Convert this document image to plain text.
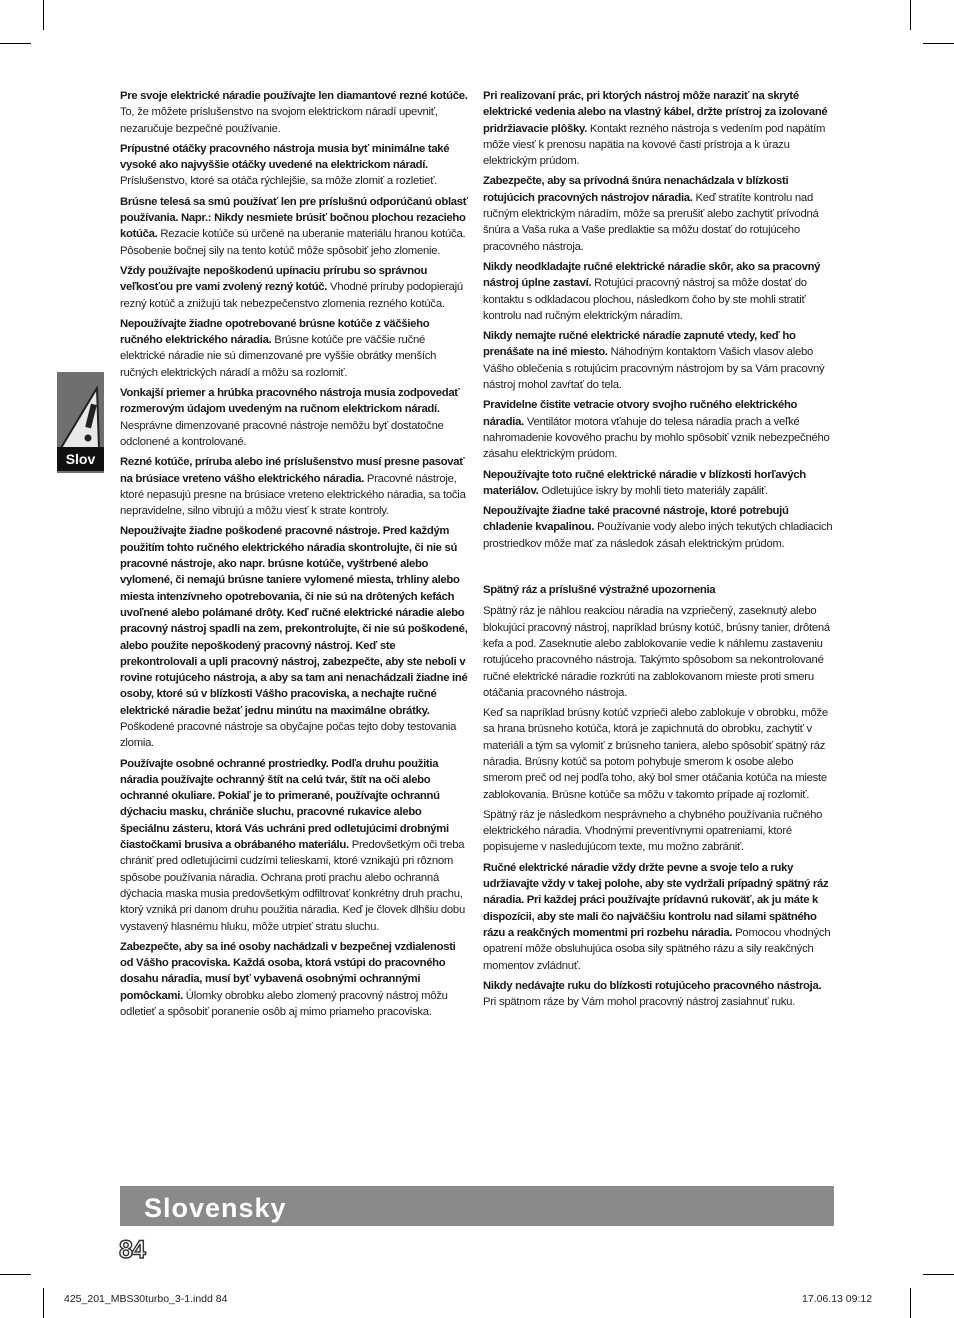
Slov

Pre svoje elektrické náradie používajte len diamantové rezné kotúče. To, že môžete príslušenstvo na svojom elektrickom náradí upevniť, nezaručuje bezpečné používanie.

Prípustné otáčky pracovného nástroja musia byť minimálne také vysoké ako najvyššie otáčky uvedené na elektrickom náradí. Príslušenstvo, ktoré sa otáča rýchlejšie, sa môže zlomiť a rozletieť.

Brúsne telesá sa smú používať len pre príslušnú odporúčanú oblasť používania. Napr.: Nikdy nesmiete brúsiť bočnou plochou rezacieho kotúča. Rezacie kotúče sú určené na uberanie materiálu hranou kotúča. Pôsobenie bočnej sily na tento kotúč môže spôsobiť jeho zlomenie.

Vždy používajte nepoškodenú upínaciu prírubu so správnou veľkosťou pre vami zvolený rezný kotúč. Vhodné príruby podopierajú rezný kotúč a znižujú tak nebezpečenstvo zlomenia rezného kotúča.

Nepoužívajte žiadne opotrebované brúsne kotúče z väčšieho ručného elektrického náradia. Brúsne kotúče pre väčšie ručné elektrické náradie nie sú dimenzované pre vyššie obrátky menších ručných elektrických náradí a môžu sa rozlomiť.

Vonkajší priemer a hrúbka pracovného nástroja musia zodpovedať rozmerovým údajom uvedeným na ručnom elektrickom náradí. Nesprávne dimenzované pracovné nástroje nemôžu byť dostatočne odclonené a kontrolované.

Rezné kotúče, príruba alebo iné príslušenstvo musí presne pasovať na brúsiace vreteno vášho elektrického náradia. Pracovné nástroje, ktoré nepasujú presne na brúsiace vreteno elektrického náradia, sa točia nepravidelne, silno vibrujú a môžu viesť k strate kontroly.

Nepoužívajte žiadne poškodené pracovné nástroje. Pred každým použitím tohto ručného elektrického náradia skontrolujte, či nie sú pracovné nástroje, ako napr. brúsne kotúče, vyštrbené alebo vylomené, či nemajú brúsne taniere vylomené miesta, trhliny alebo miesta intenzívneho opotrebovania, či nie sú na drôtených kefách uvoľnené alebo polámané drôty. Keď ručné elektrické náradie alebo pracovný nástroj spadli na zem, prekontrolujte, či nie sú poškodené, alebo použite nepoškodený pracovný nástroj. Keď ste prekontrolovali a upli pracovný nástroj, zabezpečte, aby ste neboli v rovine rotujúceho nástroja, a aby sa tam ani nenachádzali žiadne iné osoby, ktoré sú v blízkosti Vášho pracoviska, a nechajte ručné elektrické náradie bežať jednu minútu na maximálne obrátky. Poškodené pracovné nástroje sa obyčajne počas tejto doby testovania zlomia.

Používajte osobné ochranné prostriedky. Podľa druhu použitia náradia používajte ochranný štít na celú tvár, štít na oči alebo ochranné okuliare. Pokiaľ je to primerané, používajte ochrannú dýchaciu masku, chrániče sluchu, pracovné rukavice alebo špeciálnu zásteru, ktorá Vás uchráni pred odletujúcimi drobnými čiastočkami brusiva a obrábaného materiálu. Predovšetkým oči treba chrániť pred odletujúcimi cudzími telieskami, ktoré vznikajú pri rôznom spôsobe používania náradia. Ochrana proti prachu alebo ochranná dýchacia maska musia predovšetkým odfiltrovať konkrétny druh prachu, ktorý vzniká pri danom druhu použitia náradia. Keď je človek dlhšiu dobu vystavený hlasnému hluku, môže utrpieť stratu sluchu.

Zabezpečte, aby sa iné osoby nachádzali v bezpečnej vzdialenosti od Vášho pracoviska. Každá osoba, ktorá vstúpi do pracovného dosahu náradia, musí byť vybavená osobnými ochrannými pomôckami. Úlomky obrobku alebo zlomený pracovný nástroj môžu odletieť a spôsobiť poranenie osôb aj mimo priameho pracoviska.

Pri realizovaní prác, pri ktorých nástroj môže naraziť na skryté elektrické vedenia alebo na vlastný kábel, držte prístroj za izolované pridržiavacie plôšky. Kontakt rezného nástroja s vedením pod napätím môže viesť k prenosu napätia na kovové časti prístroja a k úrazu elektrickým prúdom.

Zabezpečte, aby sa prívodná šnúra nenachádzala v blízkosti rotujúcich pracovných nástrojov náradia. Keď stratíte kontrolu nad ručným elektrickým náradím, môže sa prerušiť alebo zachytiť prívodná šnúra a Vaša ruka a Vaše predlaktie sa môžu dostať do rotujúceho pracovného nástroja.

Nikdy neodkladajte ručné elektrické náradie skôr, ako sa pracovný nástroj úplne zastaví. Rotujúci pracovný nástroj sa môže dostať do kontaktu s odkladacou plochou, následkom čoho by ste mohli stratiť kontrolu nad ručným elektrickým náradím.

Nikdy nemajte ručné elektrické náradie zapnuté vtedy, keď ho prenášate na iné miesto. Náhodným kontaktom Vašich vlasov alebo Vášho oblečenia s rotujúcim pracovným nástrojom by sa Vám pracovný nástroj mohol zavŕtať do tela.

Pravidelne čistite vetracie otvory svojho ručného elektrického náradia. Ventilátor motora vťahuje do telesa náradia prach a veľké nahromadenie kovového prachu by mohlo spôsobiť vznik nebezpečného zásahu elektrickým prúdom.

Nepoužívajte toto ručné elektrické náradie v blízkosti horľavých materiálov. Odletujúce iskry by mohli tieto materiály zapáliť.

Nepoužívajte žiadne také pracovné nástroje, ktoré potrebujú chladenie kvapalinou. Používanie vody alebo iných tekutých chladiacich prostriedkov môže mať za následok zásah elektrickým prúdom.

Spätný ráz a príslušné výstražné upozornenia

Spätný ráz je náhlou reakciou náradia na vzpriečený, zaseknutý alebo blokujúci pracovný nástroj, napríklad brúsny kotúč, brúsny tanier, drôtená kefa a pod. Zaseknutie alebo zablokovanie vedie k náhlemu zastaveniu rotujúceho pracovného nástroja. Takýmto spôsobom sa nekontrolované ručné elektrické náradie rozkrúti na zablokovanom mieste proti smeru otáčania pracovného nástroja.

Keď sa napríklad brúsny kotúč vzprieči alebo zablokuje v obrobku, môže sa hrana brúsneho kotúča, ktorá je zapichnutá do obrobku, zachytiť v materiáli a tým sa vylomiť z brúsneho taniera, alebo spôsobiť spätný ráz náradia. Brúsny kotúč sa potom pohybuje smerom k osobe alebo smerom preč od nej podľa toho, aký bol smer otáčania kotúča na mieste zablokovania. Brúsne kotúče sa môžu v takomto prípade aj rozlomiť.

Spätný ráz je následkom nesprávneho a chybného používania ručného elektrického náradia. Vhodnými preventívnymi opatreniami, ktoré popisujeme v nasledujúcom texte, mu možno zabrániť.

Ručné elektrické náradie vždy držte pevne a svoje telo a ruky udržiavajte vždy v takej polohe, aby ste vydržali prípadný spätný ráz náradia. Pri každej práci používajte prídavnú rukoväť, ak ju máte k dispozícii, aby ste mali čo najväčšiu kontrolu nad silami spätného rázu a reakčných momentmi pri rozbehu náradia. Pomocou vhodných opatrení môže obsluhujúca osoba sily spätného rázu a sily reakčných momentov zvládnuť.

Nikdy nedávajte ruku do blízkosti rotujúceho pracovného nástroja. Pri spätnom ráze by Vám mohol pracovný nástroj zasiahnuť ruku.

Slovensky
84
425_201_MBS30turbo_3-1.indd 84	17.06.13 09:12
